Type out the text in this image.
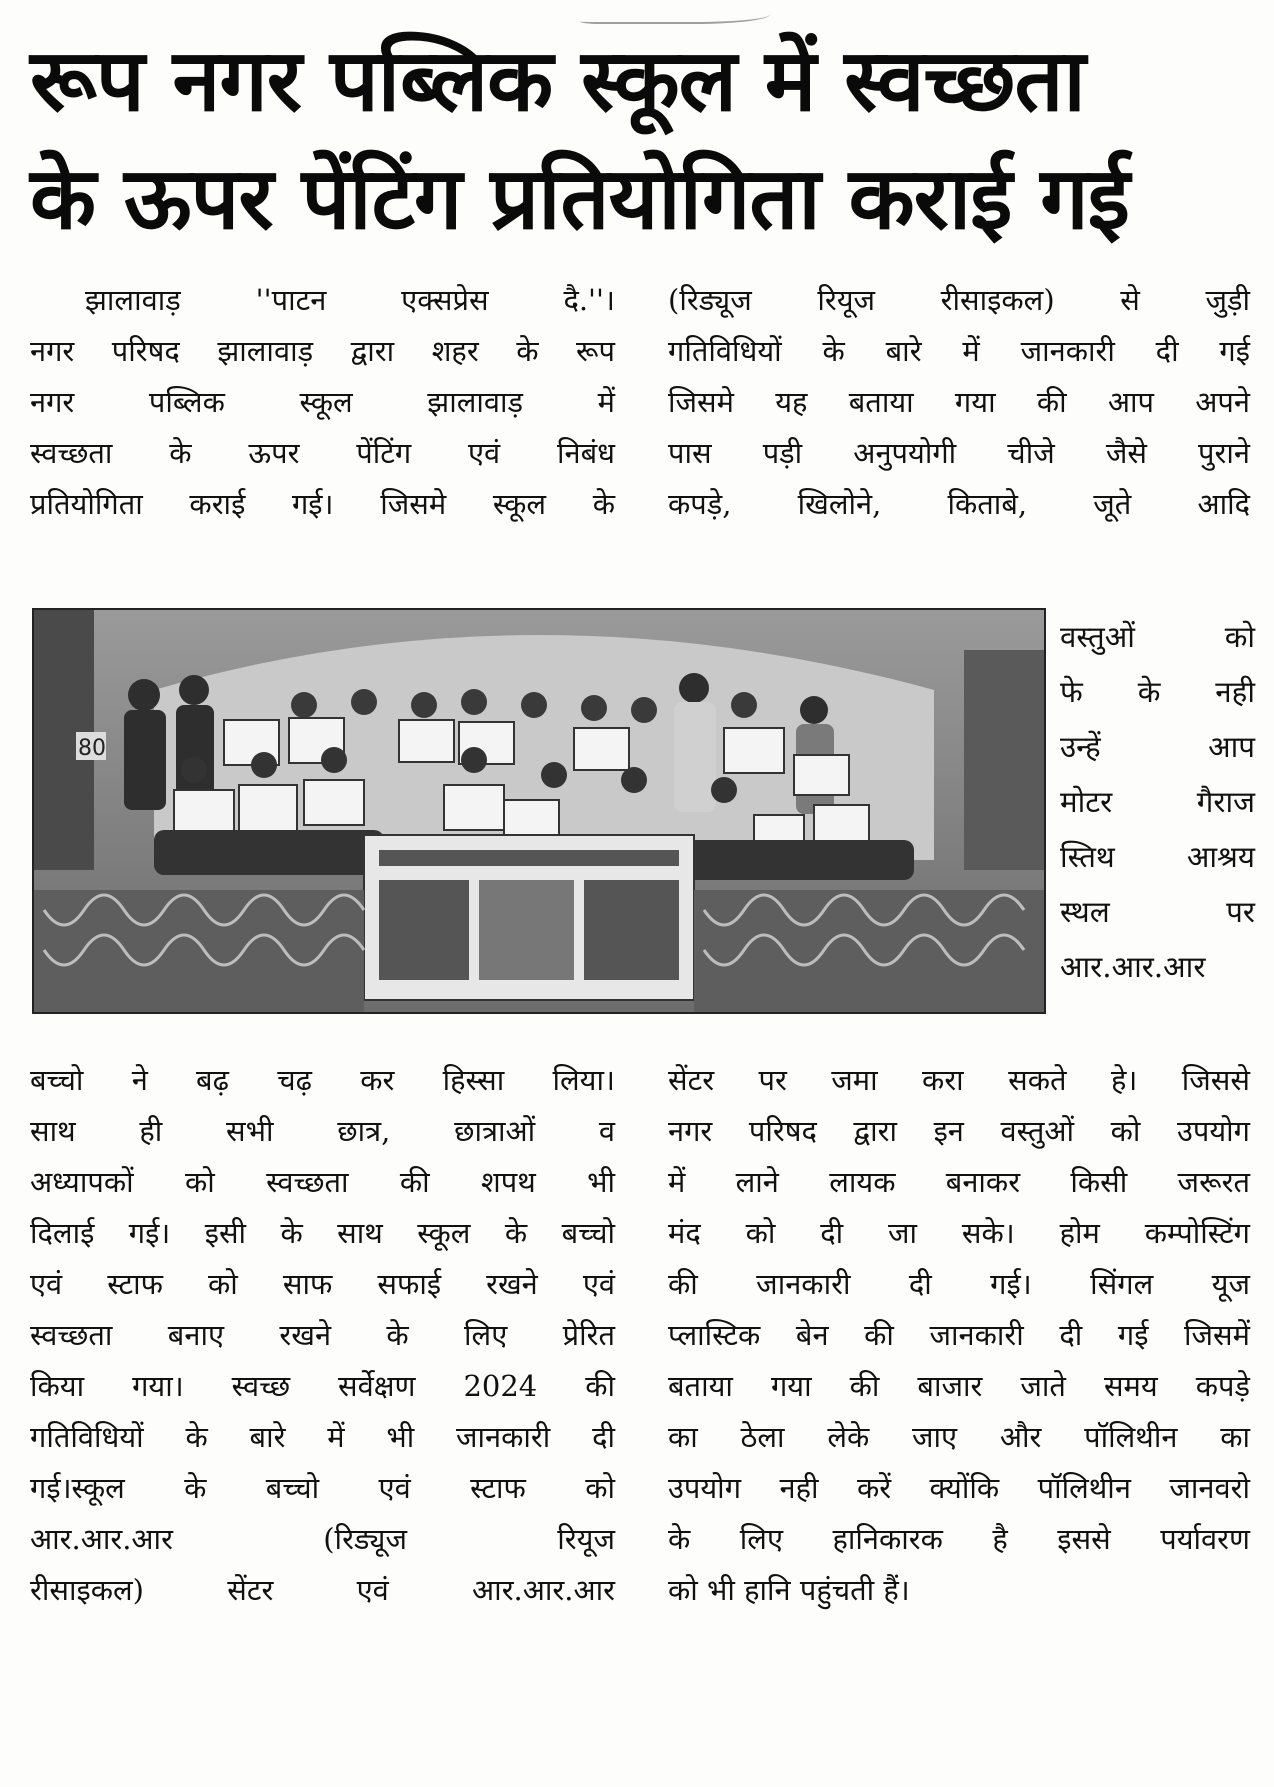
रूप नगर पब्लिक स्कूल में स्वच्छता
के ऊपर पेंटिंग प्रतियोगिता कराई गई
झालावाड़ ''पाटन एक्सप्रेस दै.''।
नगर परिषद झालावाड़ द्वारा शहर के रूप
नगर पब्लिक स्कूल झालावाड़ में
स्वच्छता के ऊपर पेंटिंग एवं निबंध
प्रतियोगिता कराई गई। जिसमे स्कूल के
(रिड्यूज रियूज रीसाइकल) से जुड़ी
गतिविधियों के बारे में जानकारी दी गई
जिसमे यह बताया गया की आप अपने
पास पड़ी अनुपयोगी चीजे जैसे पुराने
कपड़े, खिलोने, किताबे, जूते आदि
80
वस्तुओं को
फे के नही
उन्हें आप
मोटर गैराज
स्तिथ आश्रय
स्थल पर
आर.आर.आर
बच्चो ने बढ़ चढ़ कर हिस्सा लिया।
साथ ही सभी छात्र, छात्राओं व
अध्यापकों को स्वच्छता की शपथ भी
दिलाई गई। इसी के साथ स्कूल के बच्चो
एवं स्टाफ को साफ सफाई रखने एवं
स्वच्छता बनाए रखने के लिए प्रेरित
किया गया। स्वच्छ सर्वेक्षण 2024 की
गतिविधियों के बारे में भी जानकारी दी
गई।स्कूल के बच्चो एवं स्टाफ को
आर.आर.आर (रिड्यूज रियूज
रीसाइकल) सेंटर एवं आर.आर.आर
सेंटर पर जमा करा सकते हे। जिससे
नगर परिषद द्वारा इन वस्तुओं को उपयोग
में लाने लायक बनाकर किसी जरूरत
मंद को दी जा सके। होम कम्पोस्टिंग
की जानकारी दी गई। सिंगल यूज
प्लास्टिक बेन की जानकारी दी गई जिसमें
बताया गया की बाजार जाते समय कपड़े
का ठेला लेके जाए और पॉलिथीन का
उपयोग नही करें क्योंकि पॉलिथीन जानवरो
के लिए हानिकारक है इससे पर्यावरण
को भी हानि पहुंचती हैं।
